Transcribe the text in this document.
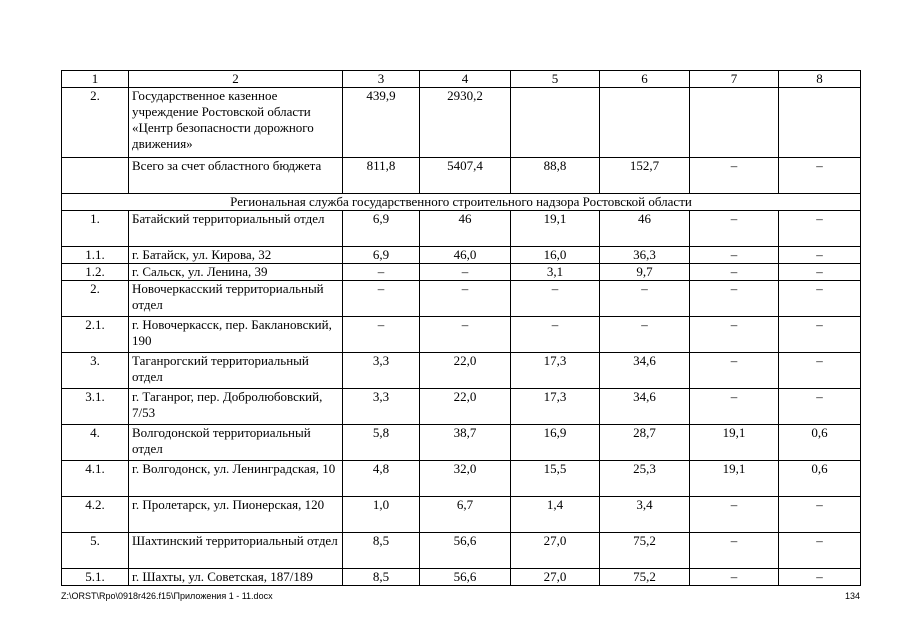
1	2	3	4	5	6	7	8
2.	Государственное казенное учреждение Ростовской области «Центр безопасности дорожного движения»	439,9	2930,2				
	Всего за счет областного бюджета	811,8	5407,4	88,8	152,7	–	–
Региональная служба государственного строительного надзора Ростовской области							
1.	Батайский территориальный отдел	6,9	46	19,1	46	–	–
1.1.	г. Батайск, ул. Кирова, 32	6,9	46,0	16,0	36,3	–	–
1.2.	г. Сальск, ул. Ленина, 39	–	–	3,1	9,7	–	–
2.	Новочеркасский территориальный отдел	–	–	–	–	–	–
2.1.	г. Новочеркасск, пер. Баклановский, 190	–	–	–	–	–	–
3.	Таганрогский территориальный отдел	3,3	22,0	17,3	34,6	–	–
3.1.	г. Таганрог, пер. Добролюбовский, 7/53	3,3	22,0	17,3	34,6	–	–
4.	Волгодонской территориальный отдел	5,8	38,7	16,9	28,7	19,1	0,6
4.1.	г. Волгодонск, ул. Ленинградская, 10	4,8	32,0	15,5	25,3	19,1	0,6
4.2.	г. Пролетарск, ул. Пионерская, 120	1,0	6,7	1,4	3,4	–	–
5.	Шахтинский территориальный отдел	8,5	56,6	27,0	75,2	–	–
5.1.	г. Шахты, ул. Советская, 187/189	8,5	56,6	27,0	75,2	–	–
Z:\ORST\Rpo\0918r426.f15\Приложения 1 - 11.docx	134
